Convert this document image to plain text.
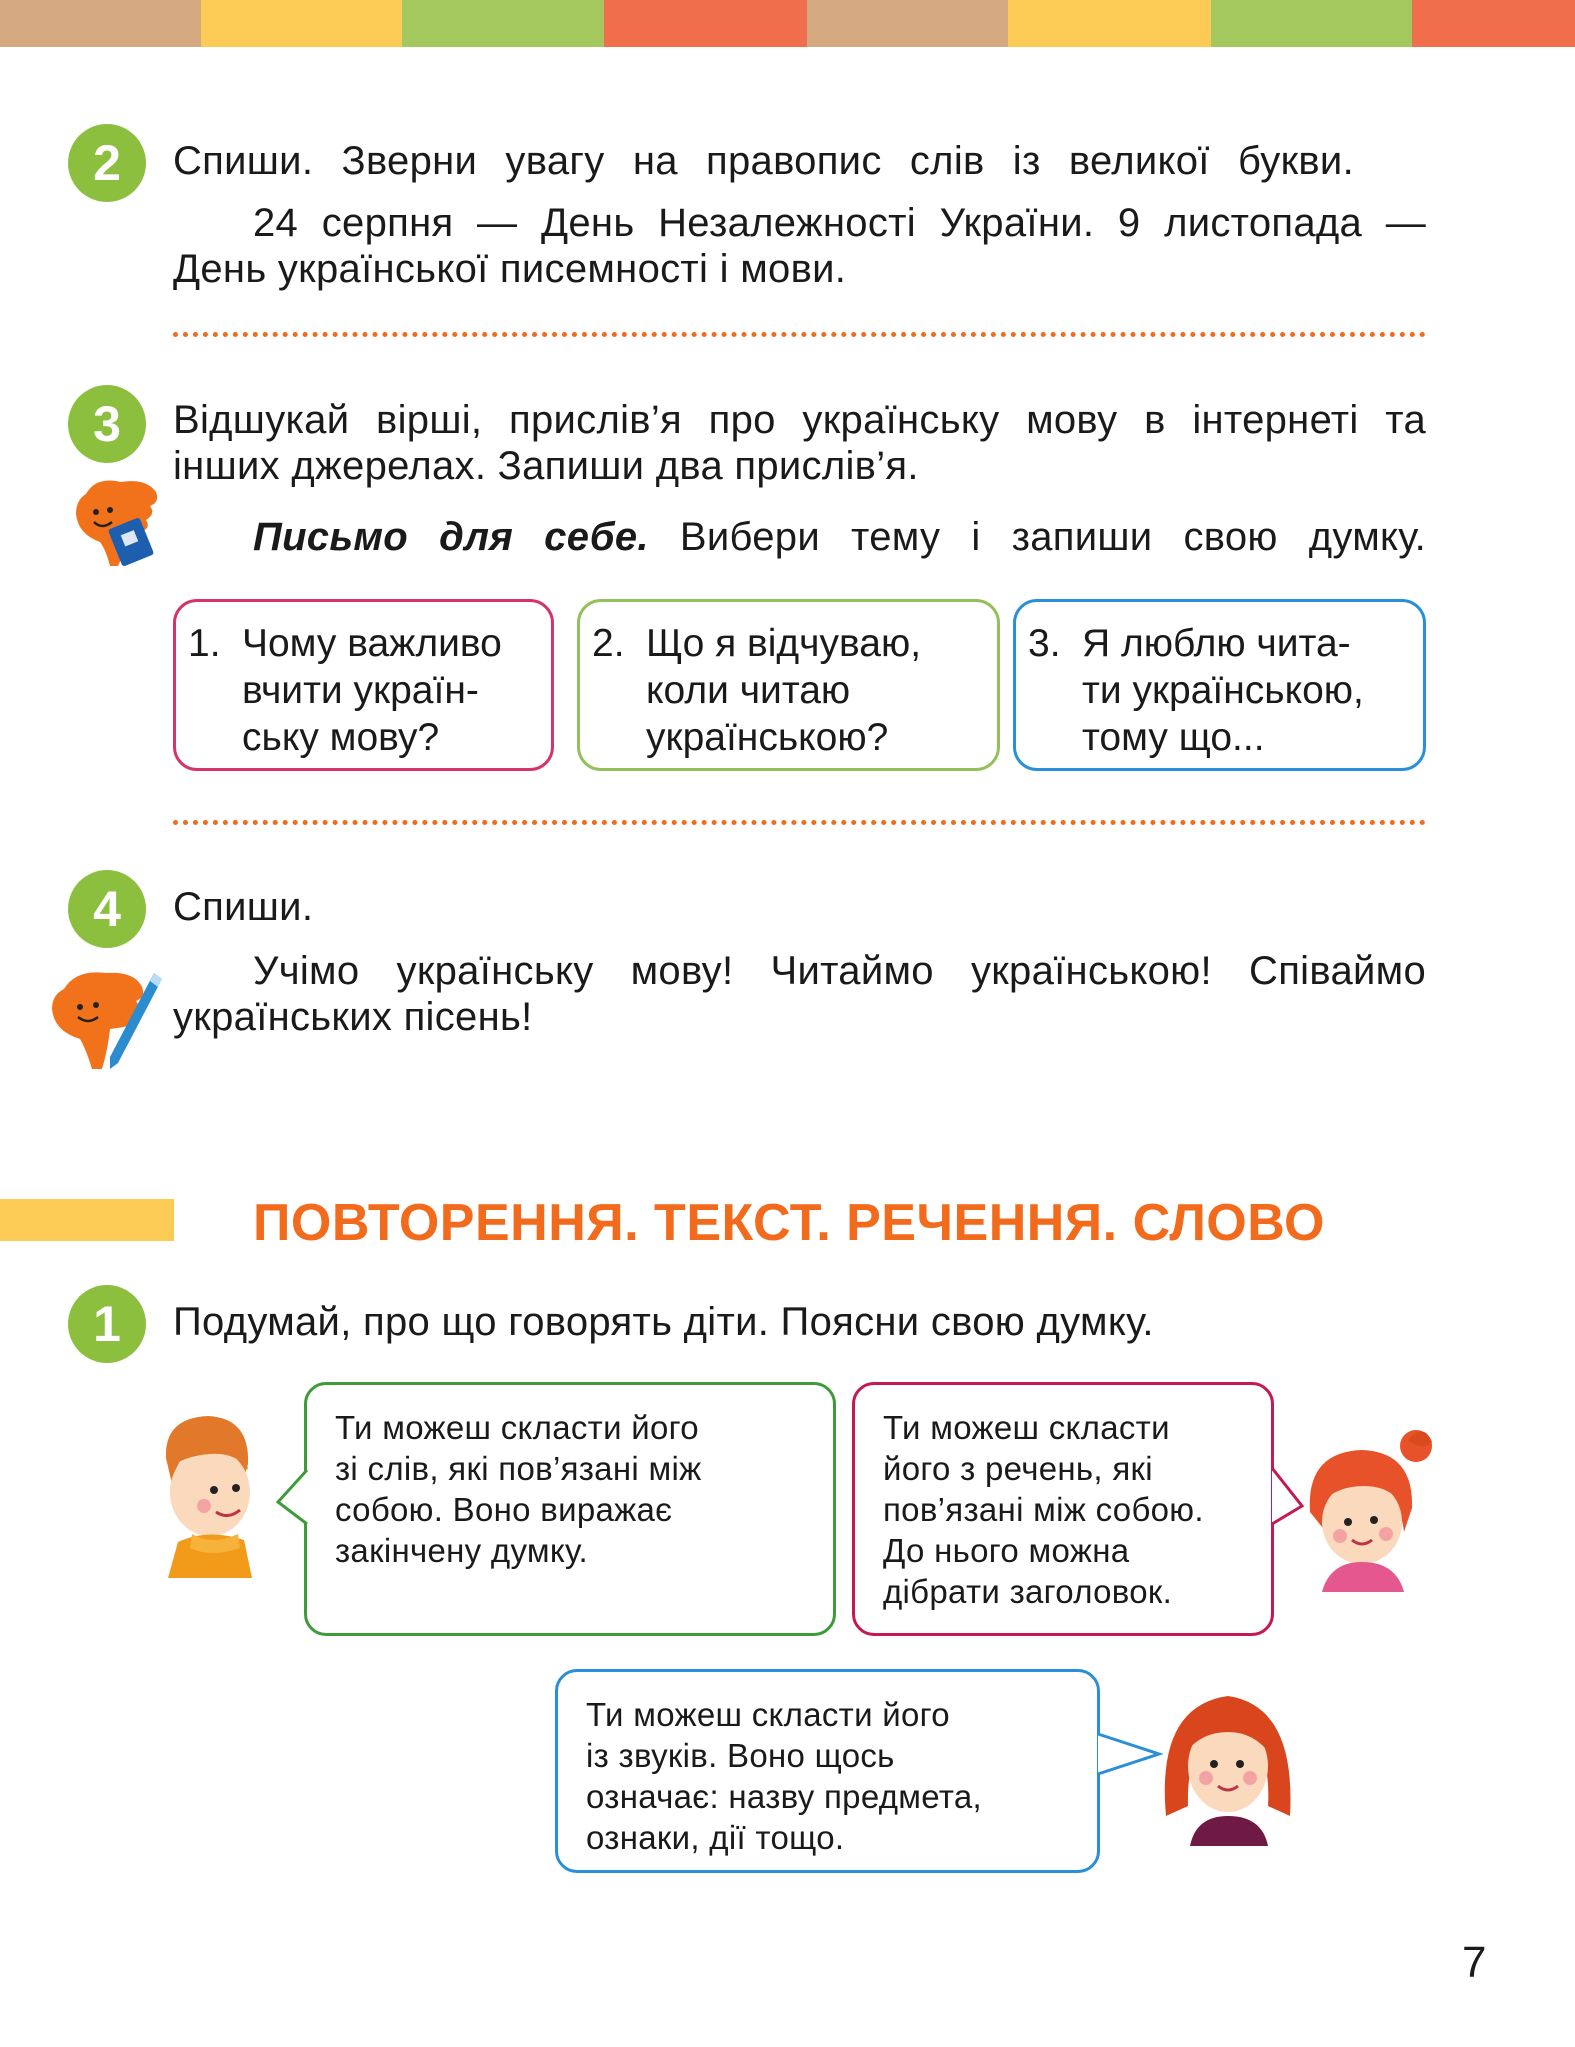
2	Спиши. Зверни увагу на правопис слів із великої букви.
24 серпня — День Незалежності України. 9 листопада —
День української писемності і мови.
3	Відшукай вірші, прислів’я про українську мову в інтернеті та
інших джерелах. Запиши два прислів’я.
Письмо для себе. Вибери тему і запиши свою думку.
1. Чому важливо
вчити україн-
ську мову?
2. Що я відчуваю,
коли читаю
українською?
3. Я люблю чита-
ти українською,
тому що...
4	Спиши.
Учімо українську мову! Читаймо українською! Співаймо
українських пісень!
ПОВТОРЕННЯ. ТЕКСТ. РЕЧЕННЯ. СЛОВО
1	Подумай, про що говорять діти. Поясни свою думку.
Ти можеш скласти його
зі слів, які пов’язані між
собою. Воно виражає
закінчену думку.
Ти можеш скласти
його з речень, які
пов’язані між собою.
До нього можна
дібрати заголовок.
Ти можеш скласти його
із звуків. Воно щось
означає: назву предмета,
ознаки, дії тощо.
7
